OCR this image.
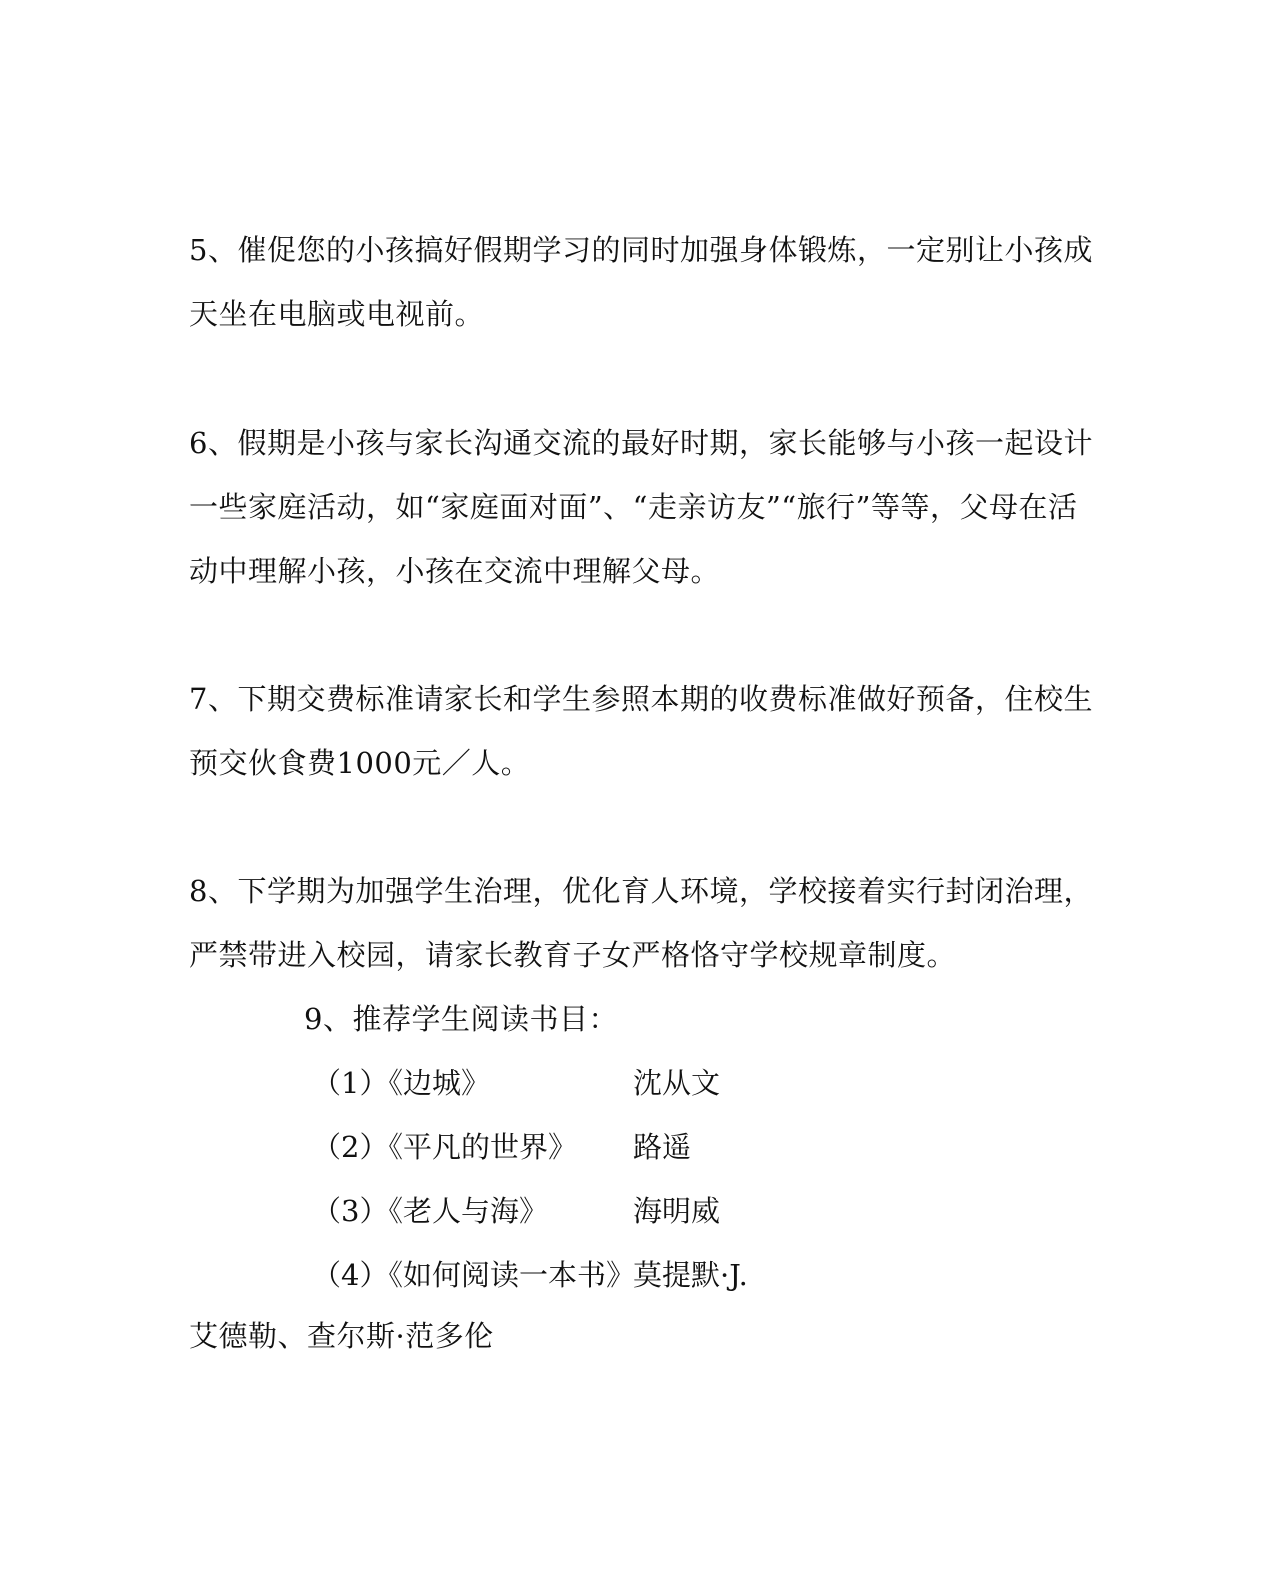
5、催促您的小孩搞好假期学习的同时加强身体锻炼，一定别让小孩成
天坐在电脑或电视前。
6、假期是小孩与家长沟通交流的最好时期，家长能够与小孩一起设计
一些家庭活动，如“家庭面对面”、“走亲访友”“旅行”等等，父母在活
动中理解小孩，小孩在交流中理解父母。
7、下期交费标准请家长和学生参照本期的收费标准做好预备，住校生
预交伙食费1000元／人。
8、下学期为加强学生治理，优化育人环境，学校接着实行封闭治理，
严禁带进入校园，请家长教育子女严格恪守学校规章制度。
9、推荐学生阅读书目：
（1）《边城》	沈从文
（2）《平凡的世界》 路遥
（3）《老人与海》	海明威
（4）《如何阅读一本书》
莫提默·J.
艾德勒、查尔斯·范多伦
